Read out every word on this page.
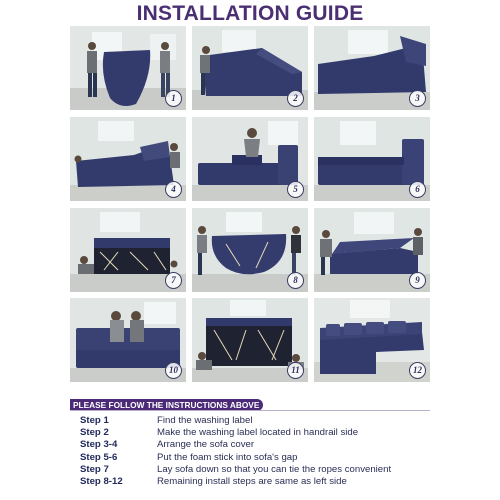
INSTALLATION GUIDE
1	2	3
4	5	6
7	8	9
10	11	12
PLEASE FOLLOW THE INSTRUCTIONS ABOVE
Step 1	Find the washing label
Step 2	Make the washing label located in handrail side
Step 3-4	Arrange the sofa cover
Step 5-6	Put the foam stick into sofa's gap
Step 7	Lay sofa down so that you can tie the ropes convenient
Step 8-12	Remaining install steps are same as left side
